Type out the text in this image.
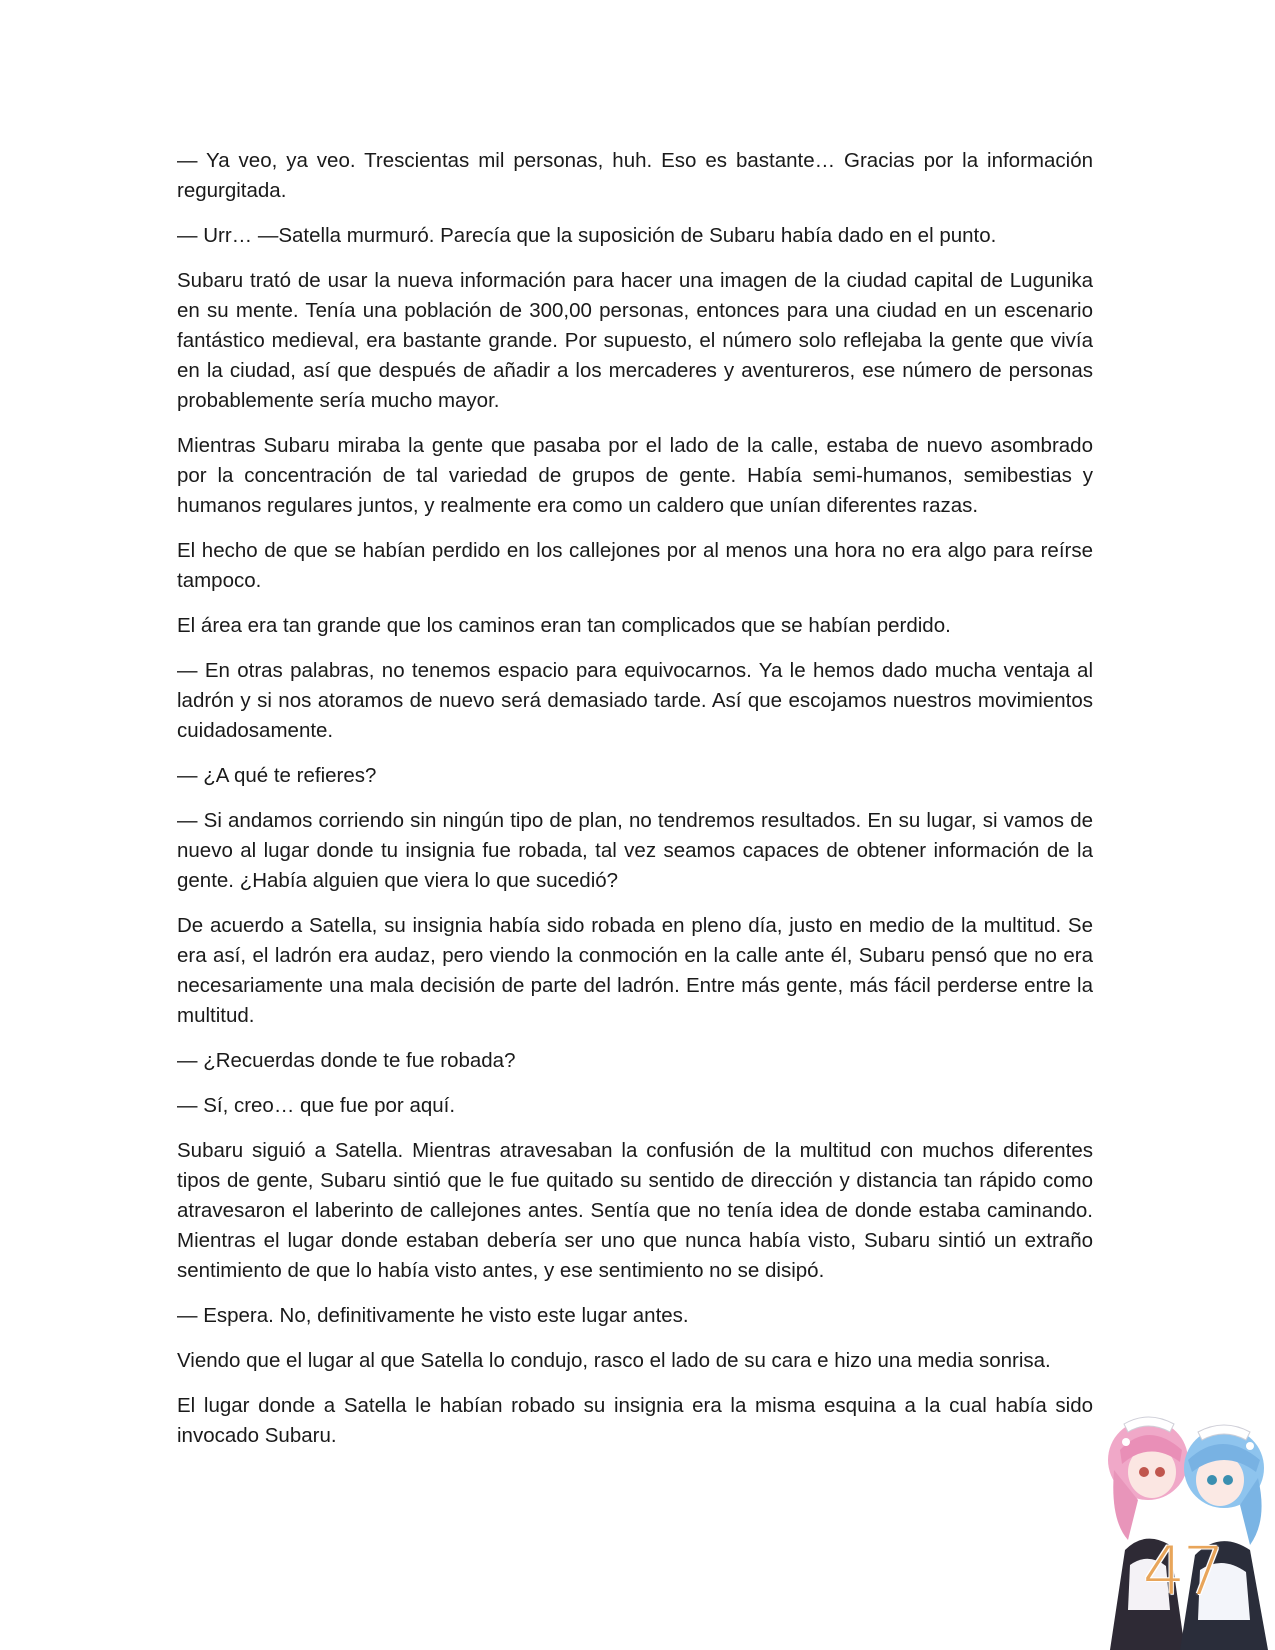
— Ya veo, ya veo. Trescientas mil personas, huh. Eso es bastante… Gracias por la información regurgitada.

— Urr… —Satella murmuró. Parecía que la suposición de Subaru había dado en el punto.

Subaru trató de usar la nueva información para hacer una imagen de la ciudad capital de Lugunika en su mente. Tenía una población de 300,00 personas, entonces para una ciudad en un escenario fantástico medieval, era bastante grande. Por supuesto, el número solo reflejaba la gente que vivía en la ciudad, así que después de añadir a los mercaderes y aventureros, ese número de personas probablemente sería mucho mayor.

Mientras Subaru miraba la gente que pasaba por el lado de la calle, estaba de nuevo asombrado por la concentración de tal variedad de grupos de gente. Había semi-humanos, semibestias y humanos regulares juntos, y realmente era como un caldero que unían diferentes razas.

El hecho de que se habían perdido en los callejones por al menos una hora no era algo para reírse tampoco.

El área era tan grande que los caminos eran tan complicados que se habían perdido.

— En otras palabras, no tenemos espacio para equivocarnos. Ya le hemos dado mucha ventaja al ladrón y si nos atoramos de nuevo será demasiado tarde. Así que escojamos nuestros movimientos cuidadosamente.

— ¿A qué te refieres?

— Si andamos corriendo sin ningún tipo de plan, no tendremos resultados. En su lugar, si vamos de nuevo al lugar donde tu insignia fue robada, tal vez seamos capaces de obtener información de la gente. ¿Había alguien que viera lo que sucedió?

De acuerdo a Satella, su insignia había sido robada en pleno día, justo en medio de la multitud. Se era así, el ladrón era audaz, pero viendo la conmoción en la calle ante él, Subaru pensó que no era necesariamente una mala decisión de parte del ladrón. Entre más gente, más fácil perderse entre la multitud.

— ¿Recuerdas donde te fue robada?

— Sí, creo… que fue por aquí.

Subaru siguió a Satella. Mientras atravesaban la confusión de la multitud con muchos diferentes tipos de gente, Subaru sintió que le fue quitado su sentido de dirección y distancia tan rápido como atravesaron el laberinto de callejones antes. Sentía que no tenía idea de donde estaba caminando. Mientras el lugar donde estaban debería ser uno que nunca había visto, Subaru sintió un extraño sentimiento de que lo había visto antes, y ese sentimiento no se disipó.

— Espera. No, definitivamente he visto este lugar antes.

Viendo que el lugar al que Satella lo condujo, rasco el lado de su cara e hizo una media sonrisa.

El lugar donde a Satella le habían robado su insignia era la misma esquina a la cual había sido invocado Subaru.

47
